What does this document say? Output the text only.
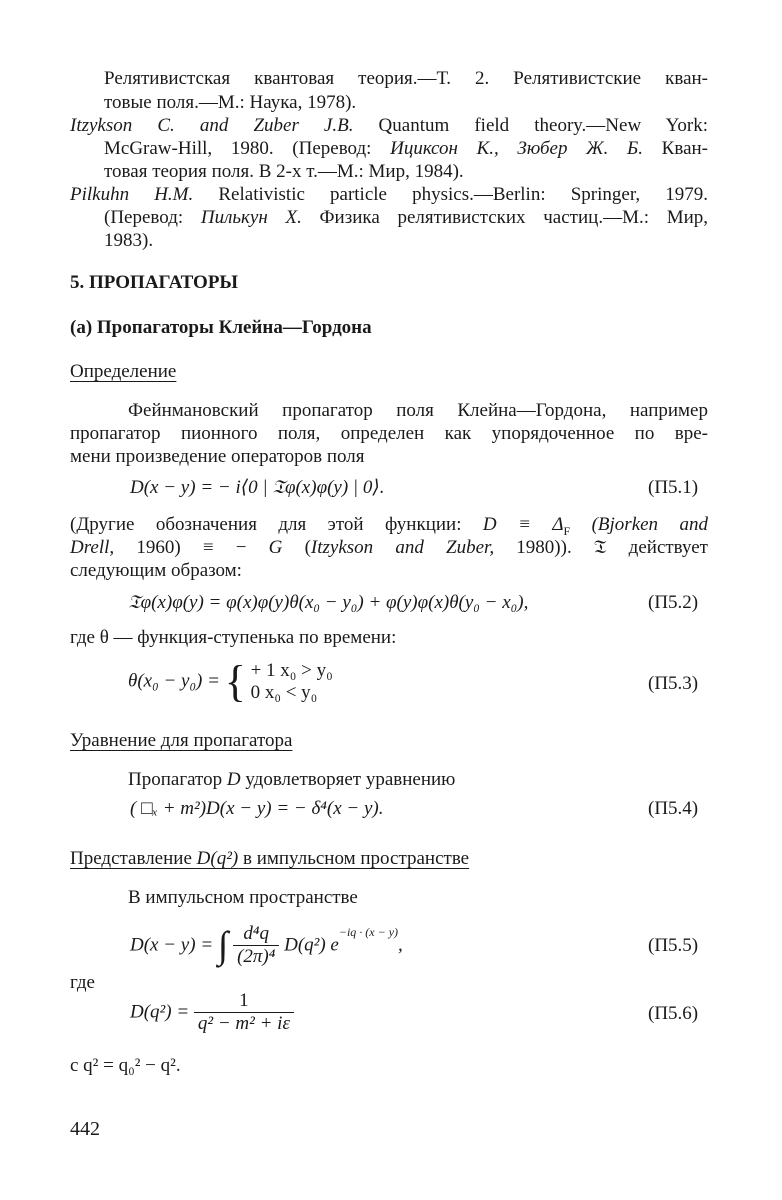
Релятивистская квантовая теория.—Т. 2. Релятивистские кван-
товые поля.—М.: Наука, 1978).
Itzykson C. and Zuber J.B. Quantum field theory.—New York:
McGraw-Hill, 1980. (Перевод: Ициксон К., Зюбер Ж. Б. Кван-
товая теория поля. В 2-х т.—М.: Мир, 1984).
Pilkuhn H.M. Relativistic particle physics.—Berlin: Springer, 1979.
(Перевод: Пилькун Х. Физика релятивистских частиц.—М.: Мир,
1983).
5. ПРОПАГАТОРЫ
(а) Пропагаторы Клейна—Гордона
Определение
Фейнмановский пропагатор поля Клейна—Гордона, например
пропагатор пионного поля, определен как упорядоченное по вре-
мени произведение операторов поля
D(x − y) = − i⟨0 | 𝔗φ(x)φ(y) | 0⟩.	(П5.1)
(Другие обозначения для этой функции: $D \equiv \Delta_F$ (Bjorken and
Drell, 1960) ≡ − G (Itzykson and Zuber, 1980)). 𝔗 действует
следующим образом:
𝔗φ(x)φ(y) = φ(x)φ(y)θ(x₀ − y₀) + φ(y)φ(x)θ(y₀ − x₀),	(П5.2)
где θ — функция-ступенька по времени:
θ(x₀ − y₀) = { + 1 x₀ > y₀
0 x₀ < y₀	(П5.3)
Уравнение для пропагатора
Пропагатор D удовлетворяет уравнению
( □ₓ + m²)D(x − y) = − δ⁴(x − y).	(П5.4)
Представление D(q²) в импульсном пространстве
В импульсном пространстве
D(x − y) = ∫ $\frac{\text{d⁴q}}{\text{(2π)⁴}} D(q^2)$ $e^{-iq \cdot (x - y)}$,	(П5.5)
где
$D(q^2) = \frac{1}{\text{q² − m² + iε}}$	(П5.6)
с q² = q₀² − q².
442
